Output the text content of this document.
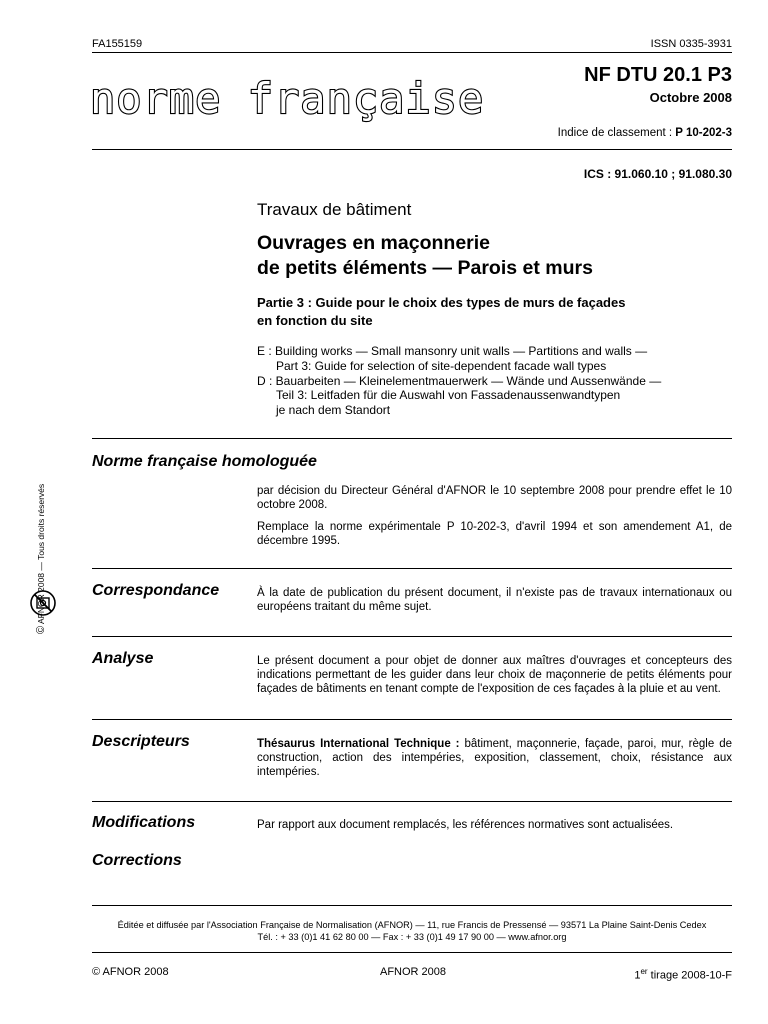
FA155159	ISSN 0335-3931
norme française	NF DTU 20.1 P3
Octobre 2008
Indice de classement : P 10-202-3
ICS : 91.060.10 ; 91.080.30
Travaux de bâtiment
Ouvrages en maçonnerie
de petits éléments — Parois et murs
Partie 3 : Guide pour le choix des types de murs de façades
en fonction du site
E : Building works — Small mansonry unit walls — Partitions and walls —
Part 3: Guide for selection of site-dependent facade wall types
D : Bauarbeiten — Kleinelementmauerwerk — Wände und Aussenwände —
Teil 3: Leitfaden für die Auswahl von Fassadenaussenwandtypen
je nach dem Standort
© AFNOR 2008 — Tous droits réservés
Norme française homologuée
par décision du Directeur Général d'AFNOR le 10 septembre 2008 pour prendre effet le 10 octobre 2008.
Remplace la norme expérimentale P 10-202-3, d'avril 1994 et son amendement A1, de décembre 1995.
Correspondance	À la date de publication du présent document, il n'existe pas de travaux internationaux ou européens traitant du même sujet.
Analyse	Le présent document a pour objet de donner aux maîtres d'ouvrages et concepteurs des indications permettant de les guider dans leur choix de maçonnerie de petits éléments pour façades de bâtiments en tenant compte de l'exposition de ces façades à la pluie et au vent.
Descripteurs	Thésaurus International Technique : bâtiment, maçonnerie, façade, paroi, mur, règle de construction, action des intempéries, exposition, classement, choix, résistance aux intempéries.
Modifications	Par rapport aux document remplacés, les références normatives sont actualisées.
Corrections
Éditée et diffusée par l'Association Française de Normalisation (AFNOR) — 11, rue Francis de Pressensé — 93571 La Plaine Saint-Denis Cedex
Tél. : + 33 (0)1 41 62 80 00 — Fax : + 33 (0)1 49 17 90 00 — www.afnor.org
© AFNOR 2008	AFNOR 2008	1er tirage 2008-10-F
